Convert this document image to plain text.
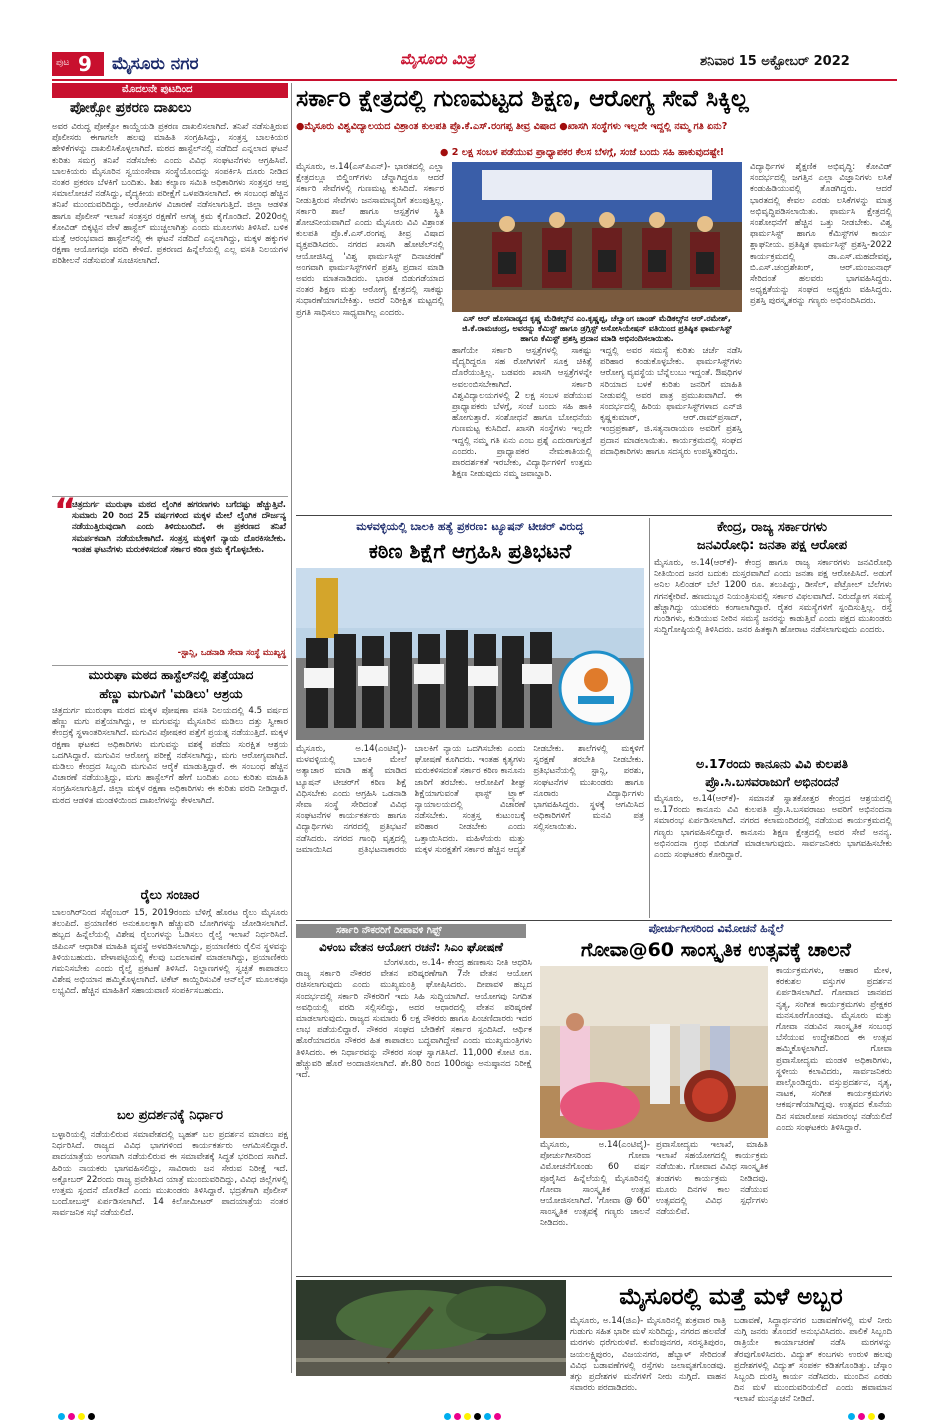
ಪುಟ 9 ಮೈಸೂರು ನಗರ	ಮೈಸೂರು ಮಿತ್ರ	ಶನಿವಾರ 15 ಅಕ್ಟೋಬರ್ 2022
ಮೊದಲನೇ ಪುಟದಿಂದ
ಪೋಕ್ಸೋ ಪ್ರಕರಣ ದಾಖಲು
ಅವರ ವಿರುದ್ಧ ಪೋಕ್ಸೋ ಕಾಯ್ದೆಯಡಿ ಪ್ರಕರಣ ದಾಖಲಿಸಲಾಗಿದೆ. ತನಿಖೆ ನಡೆಸುತ್ತಿರುವ ಪೊಲೀಸರು ಈಗಾಗಲೇ ಹಲವು ಮಾಹಿತಿ ಸಂಗ್ರಹಿಸಿದ್ದು, ಸಂತ್ರಸ್ತ ಬಾಲಕಿಯರ ಹೇಳಿಕೆಗಳನ್ನು ದಾಖಲಿಸಿಕೊಳ್ಳಲಾಗಿದೆ. ಮಠದ ಹಾಸ್ಟೆಲ್‌ನಲ್ಲಿ ನಡೆದಿದೆ ಎನ್ನಲಾದ ಘಟನೆ ಕುರಿತು ಸಮಗ್ರ ತನಿಖೆ ನಡೆಸಬೇಕು ಎಂದು ವಿವಿಧ ಸಂಘಟನೆಗಳು ಆಗ್ರಹಿಸಿವೆ. ಬಾಲಕಿಯರು ಮೈಸೂರಿನ ಸ್ವಯಂಸೇವಾ ಸಂಸ್ಥೆಯೊಂದನ್ನು ಸಂಪರ್ಕಿಸಿ ದೂರು ನೀಡಿದ ನಂತರ ಪ್ರಕರಣ ಬೆಳಕಿಗೆ ಬಂದಿತು. ಶಿಶು ಕಲ್ಯಾಣ ಸಮಿತಿ ಅಧಿಕಾರಿಗಳು ಸಂತ್ರಸ್ತರ ಆಪ್ತ ಸಮಾಲೋಚನೆ ನಡೆಸಿದ್ದು, ವೈದ್ಯಕೀಯ ಪರೀಕ್ಷೆಗೆ ಒಳಪಡಿಸಲಾಗಿದೆ. ಈ ಸಂಬಂಧ ಹೆಚ್ಚಿನ ತನಿಖೆ ಮುಂದುವರಿದಿದ್ದು, ಆರೋಪಿಗಳ ವಿಚಾರಣೆ ನಡೆಸಲಾಗುತ್ತಿದೆ. ಜಿಲ್ಲಾ ಆಡಳಿತ ಹಾಗೂ ಪೊಲೀಸ್ ಇಲಾಖೆ ಸಂತ್ರಸ್ತರ ರಕ್ಷಣೆಗೆ ಅಗತ್ಯ ಕ್ರಮ ಕೈಗೊಂಡಿದೆ. 2020ರಲ್ಲಿ ಕೋವಿಡ್ ಬಿಕ್ಕಟ್ಟಿನ ವೇಳೆ ಹಾಸ್ಟೆಲ್ ಮುಚ್ಚಲಾಗಿತ್ತು ಎಂದು ಮೂಲಗಳು ತಿಳಿಸಿವೆ. ಬಳಿಕ ಮತ್ತೆ ಆರಂಭವಾದ ಹಾಸ್ಟೆಲ್‌ನಲ್ಲಿ ಈ ಘಟನೆ ನಡೆದಿದೆ ಎನ್ನಲಾಗಿದ್ದು, ಮಕ್ಕಳ ಹಕ್ಕುಗಳ ರಕ್ಷಣಾ ಆಯೋಗವೂ ವರದಿ ಕೇಳಿದೆ. ಪ್ರಕರಣದ ಹಿನ್ನೆಲೆಯಲ್ಲಿ ಎಲ್ಲ ವಸತಿ ನಿಲಯಗಳ ಪರಿಶೀಲನೆ ನಡೆಸುವಂತೆ ಸೂಚಿಸಲಾಗಿದೆ.
“
ಚಿತ್ರದುರ್ಗ ಮುರುಘಾ ಮಠದ ಲೈಂಗಿಕ ಹಗರಣಗಳು ಬಗೆದಷ್ಟು ಹೆಚ್ಚುತ್ತಿವೆ. ಸುಮಾರು 20 ರಿಂದ 25 ವರ್ಷಗಳಿಂದ ಮಕ್ಕಳ ಮೇಲೆ ಲೈಂಗಿಕ ದೌರ್ಜನ್ಯ ನಡೆಯುತ್ತಿರುವುದಾಗಿ ಎಂದು ತಿಳಿದುಬಂದಿದೆ. ಈ ಪ್ರಕರಣದ ತನಿಖೆ ಸಮರ್ಪಕವಾಗಿ ನಡೆಯಬೇಕಾಗಿದೆ. ಸಂತ್ರಸ್ತ ಮಕ್ಕಳಿಗೆ ನ್ಯಾಯ ದೊರಕಿಸಬೇಕು. ಇಂತಹ ಘಟನೆಗಳು ಮರುಕಳಿಸದಂತೆ ಸರ್ಕಾರ ಕಠಿಣ ಕ್ರಮ ಕೈಗೊಳ್ಳಬೇಕು.
-ಸ್ಟಾನ್ಲಿ, ಒಡನಾಡಿ ಸೇವಾ ಸಂಸ್ಥೆ ಮುಖ್ಯಸ್ಥ
ಮುರುಘಾ ಮಠದ ಹಾಸ್ಟೆಲ್‌ನಲ್ಲಿ ಪತ್ತೆಯಾದ
ಹೆಣ್ಣು ಮಗುವಿಗೆ 'ಮಡಿಲು' ಆಶ್ರಯ
ಚಿತ್ರದುರ್ಗ ಮುರುಘಾ ಮಠದ ಮಕ್ಕಳ ಪೋಷಣಾ ವಸತಿ ನಿಲಯದಲ್ಲಿ 4.5 ವರ್ಷದ ಹೆಣ್ಣು ಮಗು ಪತ್ತೆಯಾಗಿದ್ದು, ಆ ಮಗುವನ್ನು ಮೈಸೂರಿನ ಮಡಿಲು ದತ್ತು ಸ್ವೀಕಾರ ಕೇಂದ್ರಕ್ಕೆ ಸ್ಥಳಾಂತರಿಸಲಾಗಿದೆ. ಮಗುವಿನ ಪೋಷಕರ ಪತ್ತೆಗೆ ಪ್ರಯತ್ನ ನಡೆಯುತ್ತಿದೆ. ಮಕ್ಕಳ ರಕ್ಷಣಾ ಘಟಕದ ಅಧಿಕಾರಿಗಳು ಮಗುವನ್ನು ವಶಕ್ಕೆ ಪಡೆದು ಸುರಕ್ಷಿತ ಆಶ್ರಯ ಒದಗಿಸಿದ್ದಾರೆ. ಮಗುವಿನ ಆರೋಗ್ಯ ಪರೀಕ್ಷೆ ನಡೆಸಲಾಗಿದ್ದು, ಮಗು ಆರೋಗ್ಯವಾಗಿದೆ. ಮಡಿಲು ಕೇಂದ್ರದ ಸಿಬ್ಬಂದಿ ಮಗುವಿನ ಆರೈಕೆ ಮಾಡುತ್ತಿದ್ದಾರೆ. ಈ ಸಂಬಂಧ ಹೆಚ್ಚಿನ ವಿಚಾರಣೆ ನಡೆಯುತ್ತಿದ್ದು, ಮಗು ಹಾಸ್ಟೆಲ್‌ಗೆ ಹೇಗೆ ಬಂದಿತು ಎಂಬ ಕುರಿತು ಮಾಹಿತಿ ಸಂಗ್ರಹಿಸಲಾಗುತ್ತಿದೆ. ಜಿಲ್ಲಾ ಮಕ್ಕಳ ರಕ್ಷಣಾ ಅಧಿಕಾರಿಗಳು ಈ ಕುರಿತು ವರದಿ ನೀಡಿದ್ದಾರೆ. ಮಠದ ಆಡಳಿತ ಮಂಡಳಿಯಿಂದ ದಾಖಲೆಗಳನ್ನು ಕೇಳಲಾಗಿದೆ.
ರೈಲು ಸಂಚಾರ
ಬಾಲಂಗಿರ್‌ನಿಂದ ಸೆಪ್ಟೆಂಬರ್ 15, 2019ರಂದು ಬೆಳಿಗ್ಗೆ ಹೊರಟ ರೈಲು ಮೈಸೂರು ತಲುಪಿದೆ. ಪ್ರಯಾಣಿಕರ ಅನುಕೂಲಕ್ಕಾಗಿ ಹೆಚ್ಚುವರಿ ಬೋಗಿಗಳನ್ನು ಜೋಡಿಸಲಾಗಿದೆ. ಹಬ್ಬದ ಹಿನ್ನೆಲೆಯಲ್ಲಿ ವಿಶೇಷ ರೈಲುಗಳನ್ನು ಓಡಿಸಲು ರೈಲ್ವೆ ಇಲಾಖೆ ನಿರ್ಧರಿಸಿದೆ. ಜಿಪಿಎಸ್ ಆಧಾರಿತ ಮಾಹಿತಿ ವ್ಯವಸ್ಥೆ ಅಳವಡಿಸಲಾಗಿದ್ದು, ಪ್ರಯಾಣಿಕರು ರೈಲಿನ ಸ್ಥಳವನ್ನು ತಿಳಿಯಬಹುದು. ವೇಳಾಪಟ್ಟಿಯಲ್ಲಿ ಕೆಲವು ಬದಲಾವಣೆ ಮಾಡಲಾಗಿದ್ದು, ಪ್ರಯಾಣಿಕರು ಗಮನಿಸಬೇಕು ಎಂದು ರೈಲ್ವೆ ಪ್ರಕಟಣೆ ತಿಳಿಸಿದೆ. ನಿಲ್ದಾಣಗಳಲ್ಲಿ ಸ್ವಚ್ಛತೆ ಕಾಪಾಡಲು ವಿಶೇಷ ಅಭಿಯಾನ ಹಮ್ಮಿಕೊಳ್ಳಲಾಗಿದೆ. ಟಿಕೆಟ್ ಕಾಯ್ದಿರಿಸುವಿಕೆ ಆನ್‌ಲೈನ್ ಮೂಲಕವೂ ಲಭ್ಯವಿದೆ. ಹೆಚ್ಚಿನ ಮಾಹಿತಿಗೆ ಸಹಾಯವಾಣಿ ಸಂಪರ್ಕಿಸಬಹುದು.
ಬಲ ಪ್ರದರ್ಶನಕ್ಕೆ ನಿರ್ಧಾರ
ಬಳ್ಳಾರಿಯಲ್ಲಿ ನಡೆಯಲಿರುವ ಸಮಾವೇಶದಲ್ಲಿ ಬೃಹತ್ ಬಲ ಪ್ರದರ್ಶನ ಮಾಡಲು ಪಕ್ಷ ನಿರ್ಧರಿಸಿದೆ. ರಾಜ್ಯದ ವಿವಿಧ ಭಾಗಗಳಿಂದ ಕಾರ್ಯಕರ್ತರು ಆಗಮಿಸಲಿದ್ದಾರೆ. ಪಾದಯಾತ್ರೆಯ ಅಂಗವಾಗಿ ನಡೆಯಲಿರುವ ಈ ಸಮಾವೇಶಕ್ಕೆ ಸಿದ್ಧತೆ ಭರದಿಂದ ಸಾಗಿದೆ. ಹಿರಿಯ ನಾಯಕರು ಭಾಗವಹಿಸಲಿದ್ದು, ಸಾವಿರಾರು ಜನ ಸೇರುವ ನಿರೀಕ್ಷೆ ಇದೆ. ಅಕ್ಟೋಬರ್ 22ರಂದು ರಾಜ್ಯ ಪ್ರವೇಶಿಸಿದ ಯಾತ್ರೆ ಮುಂದುವರಿದಿದ್ದು, ವಿವಿಧ ಜಿಲ್ಲೆಗಳಲ್ಲಿ ಉತ್ತಮ ಸ್ಪಂದನೆ ದೊರೆತಿದೆ ಎಂದು ಮುಖಂಡರು ತಿಳಿಸಿದ್ದಾರೆ. ಭದ್ರತೆಗಾಗಿ ಪೊಲೀಸ್ ಬಂದೋಬಸ್ತ್ ಏರ್ಪಡಿಸಲಾಗಿದೆ. 14 ಕಿಲೋಮೀಟರ್ ಪಾದಯಾತ್ರೆಯ ನಂತರ ಸಾರ್ವಜನಿಕ ಸಭೆ ನಡೆಯಲಿದೆ.
ಸರ್ಕಾರಿ ಕ್ಷೇತ್ರದಲ್ಲಿ ಗುಣಮಟ್ಟದ ಶಿಕ್ಷಣ, ಆರೋಗ್ಯ ಸೇವೆ ಸಿಕ್ಕಿಲ್ಲ
●ಮೈಸೂರು ವಿಶ್ವವಿದ್ಯಾಲಯದ ವಿಶ್ರಾಂತ ಕುಲಪತಿ ಪ್ರೊ.ಕೆ.ಎಸ್.ರಂಗಪ್ಪ ತೀವ್ರ ವಿಷಾದ ●ಖಾಸಗಿ ಸಂಸ್ಥೆಗಳು ಇಲ್ಲದೇ ಇದ್ದಲ್ಲಿ ನಮ್ಮ ಗತಿ ಏನು?
● 2 ಲಕ್ಷ ಸಂಬಳ ಪಡೆಯುವ ಪ್ರಾಧ್ಯಾಪಕರ ಕೆಲಸ ಬೆಳಗ್ಗೆ, ಸಂಜೆ ಬಂದು ಸಹಿ ಹಾಕುವುದಷ್ಟೇ!
ಮೈಸೂರು, ಅ.14(ಎಸ್‌ಪಿಎನ್)- ಭಾರತದಲ್ಲಿ ಎಲ್ಲಾ ಕ್ಷೇತ್ರದಲ್ಲೂ ಬಿಲ್ಡಿಂಗ್‌ಗಳು ಚೆನ್ನಾಗಿದ್ದರೂ ಆದರೆ ಸರ್ಕಾರಿ ಸೇವೆಗಳಲ್ಲಿ ಗುಣಮಟ್ಟ ಕುಸಿದಿದೆ. ಸರ್ಕಾರ ನೀಡುತ್ತಿರುವ ಸೇವೆಗಳು ಜನಸಾಮಾನ್ಯರಿಗೆ ತಲುಪುತ್ತಿಲ್ಲ. ಸರ್ಕಾರಿ ಶಾಲೆ ಹಾಗೂ ಆಸ್ಪತ್ರೆಗಳ ಸ್ಥಿತಿ ಶೋಚನೀಯವಾಗಿದೆ ಎಂದು ಮೈಸೂರು ವಿವಿ ವಿಶ್ರಾಂತ ಕುಲಪತಿ ಪ್ರೊ.ಕೆ.ಎಸ್.ರಂಗಪ್ಪ ತೀವ್ರ ವಿಷಾದ ವ್ಯಕ್ತಪಡಿಸಿದರು. ನಗರದ ಖಾಸಗಿ ಹೋಟೆಲ್‌ನಲ್ಲಿ ಆಯೋಜಿಸಿದ್ದ 'ವಿಶ್ವ ಫಾರ್ಮಸಿಸ್ಟ್ ದಿನಾಚರಣೆ' ಅಂಗವಾಗಿ ಫಾರ್ಮಸಿಸ್ಟ್‌ಗಳಿಗೆ ಪ್ರಶಸ್ತಿ ಪ್ರದಾನ ಮಾಡಿ ಅವರು ಮಾತನಾಡಿದರು. ಭಾರತ ಬಿಡುಗಡೆಯಾದ ನಂತರ ಶಿಕ್ಷಣ ಮತ್ತು ಆರೋಗ್ಯ ಕ್ಷೇತ್ರದಲ್ಲಿ ಸಾಕಷ್ಟು ಸುಧಾರಣೆಯಾಗಬೇಕಿತ್ತು. ಆದರೆ ನಿರೀಕ್ಷಿತ ಮಟ್ಟದಲ್ಲಿ ಪ್ರಗತಿ ಸಾಧಿಸಲು ಸಾಧ್ಯವಾಗಿಲ್ಲ ಎಂದರು.
ಎಸ್ ಆರ್ ಹೊಸವಾಡ್ಯದ ಕೃಷ್ಣ ಮೆಡಿಕಲ್ಸ್‌ನ ಎಂ.ಕೃಷ್ಣಪ್ಪ, ಚೆಲ್ವಾಂಗ ಚಾಂಡ್ ಮೆಡಿಕಲ್ಸ್‌ನ ಆರ್.ರಮೇಶ್, ಜಿ.ಕೆ.ರಾಮಚಂದ್ರ, ಅವರನ್ನು ಕೆಮಿಸ್ಟ್ ಹಾಗೂ ಡ್ರಗ್ಗಿಸ್ಟ್ ಅಸೋಸಿಯೇಷನ್ ವತಿಯಿಂದ ಪ್ರತಿಷ್ಠಿತ ಫಾರ್ಮಸಿಸ್ಟ್ ಹಾಗೂ ಕೆಮಿಸ್ಟ್ ಪ್ರಶಸ್ತಿ ಪ್ರದಾನ ಮಾಡಿ ಅಭಿನಂದಿಸಲಾಯಿತು.
ಹಾಗೆಯೇ ಸರ್ಕಾರಿ ಆಸ್ಪತ್ರೆಗಳಲ್ಲಿ ಸಾಕಷ್ಟು ವೈದ್ಯರಿದ್ದರೂ ಸಹ ರೋಗಿಗಳಿಗೆ ಸೂಕ್ತ ಚಿಕಿತ್ಸೆ ದೊರೆಯುತ್ತಿಲ್ಲ. ಬಡವರು ಖಾಸಗಿ ಆಸ್ಪತ್ರೆಗಳನ್ನೇ ಅವಲಂಬಿಸಬೇಕಾಗಿದೆ. ಸರ್ಕಾರಿ ವಿಶ್ವವಿದ್ಯಾಲಯಗಳಲ್ಲಿ 2 ಲಕ್ಷ ಸಂಬಳ ಪಡೆಯುವ ಪ್ರಾಧ್ಯಾಪಕರು ಬೆಳಗ್ಗೆ, ಸಂಜೆ ಬಂದು ಸಹಿ ಹಾಕಿ ಹೋಗುತ್ತಾರೆ. ಸಂಶೋಧನೆ ಹಾಗೂ ಬೋಧನೆಯ ಗುಣಮಟ್ಟ ಕುಸಿದಿದೆ. ಖಾಸಗಿ ಸಂಸ್ಥೆಗಳು ಇಲ್ಲದೇ ಇದ್ದಲ್ಲಿ ನಮ್ಮ ಗತಿ ಏನು ಎಂಬ ಪ್ರಶ್ನೆ ಎದುರಾಗುತ್ತದೆ ಎಂದರು. ಪ್ರಾಧ್ಯಾಪಕರ ನೇಮಕಾತಿಯಲ್ಲಿ ಪಾರದರ್ಶಕತೆ ಇರಬೇಕು, ವಿದ್ಯಾರ್ಥಿಗಳಿಗೆ ಉತ್ತಮ ಶಿಕ್ಷಣ ನೀಡುವುದು ನಮ್ಮ ಜವಾಬ್ದಾರಿ.
ಇದ್ದಲ್ಲಿ ಅವರ ಸಮಸ್ಯೆ ಕುರಿತು ಚರ್ಚೆ ನಡೆಸಿ ಪರಿಹಾರ ಕಂಡುಕೊಳ್ಳಬೇಕು. ಫಾರ್ಮಸಿಸ್ಟ್‌ಗಳು ಆರೋಗ್ಯ ವ್ಯವಸ್ಥೆಯ ಬೆನ್ನೆಲುಬು ಇದ್ದಂತೆ. ಔಷಧಿಗಳ ಸರಿಯಾದ ಬಳಕೆ ಕುರಿತು ಜನರಿಗೆ ಮಾಹಿತಿ ನೀಡುವಲ್ಲಿ ಅವರ ಪಾತ್ರ ಪ್ರಮುಖವಾಗಿದೆ. ಈ ಸಂದರ್ಭದಲ್ಲಿ ಹಿರಿಯ ಫಾರ್ಮಸಿಸ್ಟ್‌ಗಳಾದ ಎನ್‌ಜಿ ಕೃಷ್ಣಕುಮಾರ್, ಆರ್.ರಾಮ್‌ಪ್ರಸಾದ್, ಇಂದ್ರಪ್ರಕಾಶ್, ಜಿ.ಸತ್ಯನಾರಾಯಣ ಅವರಿಗೆ ಪ್ರಶಸ್ತಿ ಪ್ರದಾನ ಮಾಡಲಾಯಿತು. ಕಾರ್ಯಕ್ರಮದಲ್ಲಿ ಸಂಘದ ಪದಾಧಿಕಾರಿಗಳು ಹಾಗೂ ಸದಸ್ಯರು ಉಪಸ್ಥಿತರಿದ್ದರು.
ವಿದ್ಯಾರ್ಥಿಗಳ ಶೈಕ್ಷಣಿಕ ಅಭಿವೃದ್ಧಿ: ಕೋವಿಡ್ ಸಂದರ್ಭದಲ್ಲಿ ಜಗತ್ತಿನ ಎಲ್ಲಾ ವಿಜ್ಞಾನಿಗಳು ಲಸಿಕೆ ಕಂಡುಹಿಡಿಯುವಲ್ಲಿ ತೊಡಗಿದ್ದರು. ಆದರೆ ಭಾರತದಲ್ಲಿ ಕೇವಲ ಎರಡು ಲಸಿಕೆಗಳನ್ನು ಮಾತ್ರ ಅಭಿವೃದ್ಧಿಪಡಿಸಲಾಯಿತು. ಫಾರ್ಮಸಿ ಕ್ಷೇತ್ರದಲ್ಲಿ ಸಂಶೋಧನೆಗೆ ಹೆಚ್ಚಿನ ಒತ್ತು ನೀಡಬೇಕು. ವಿಶ್ವ ಫಾರ್ಮಸಿಸ್ಟ್ ಹಾಗೂ ಕೆಮಿಸ್ಟ್‌ಗಳ ಕಾರ್ಯ ಶ್ಲಾಘನೀಯ. ಪ್ರತಿಷ್ಠಿತ ಫಾರ್ಮಸಿಸ್ಟ್ ಪ್ರಶಸ್ತಿ-2022 ಕಾರ್ಯಕ್ರಮದಲ್ಲಿ ಡಾ.ಎಸ್.ಮಹದೇವಪ್ಪ, ಬಿ.ಎಸ್.ಚಂದ್ರಶೇಖರ್, ಆರ್.ಮಂಜುನಾಥ್ ಸೇರಿದಂತೆ ಹಲವರು ಭಾಗವಹಿಸಿದ್ದರು. ಅಧ್ಯಕ್ಷತೆಯನ್ನು ಸಂಘದ ಅಧ್ಯಕ್ಷರು ವಹಿಸಿದ್ದರು. ಪ್ರಶಸ್ತಿ ಪುರಸ್ಕೃತರನ್ನು ಗಣ್ಯರು ಅಭಿನಂದಿಸಿದರು.
ಮಳವಳ್ಳಿಯಲ್ಲಿ ಬಾಲಕಿ ಹತ್ಯೆ ಪ್ರಕರಣ: ಟ್ಯೂಷನ್ ಟೀಚರ್ ವಿರುದ್ಧ
ಕಠಿಣ ಶಿಕ್ಷೆಗೆ ಆಗ್ರಹಿಸಿ ಪ್ರತಿಭಟನೆ
ಮೈಸೂರು, ಅ.14(ಎಂಟಿವೈ)- ಮಳವಳ್ಳಿಯಲ್ಲಿ ಬಾಲಕಿ ಮೇಲೆ ಅತ್ಯಾಚಾರ ಮಾಡಿ ಹತ್ಯೆ ಮಾಡಿದ ಟ್ಯೂಷನ್ ಟೀಚರ್‌ಗೆ ಕಠಿಣ ಶಿಕ್ಷೆ ವಿಧಿಸಬೇಕು ಎಂದು ಆಗ್ರಹಿಸಿ ಒಡನಾಡಿ ಸೇವಾ ಸಂಸ್ಥೆ ಸೇರಿದಂತೆ ವಿವಿಧ ಸಂಘಟನೆಗಳ ಕಾರ್ಯಕರ್ತರು ಹಾಗೂ ವಿದ್ಯಾರ್ಥಿಗಳು ನಗರದಲ್ಲಿ ಪ್ರತಿಭಟನೆ ನಡೆಸಿದರು. ನಗರದ ಗಾಂಧಿ ವೃತ್ತದಲ್ಲಿ ಜಮಾಯಿಸಿದ ಪ್ರತಿಭಟನಾಕಾರರು ಬಾಲಕಿಗೆ ನ್ಯಾಯ ಒದಗಿಸಬೇಕು ಎಂದು ಘೋಷಣೆ ಕೂಗಿದರು. ಇಂತಹ ಕೃತ್ಯಗಳು ಮರುಕಳಿಸದಂತೆ ಸರ್ಕಾರ ಕಠಿಣ ಕಾನೂನು ಜಾರಿಗೆ ತರಬೇಕು. ಆರೋಪಿಗೆ ಶೀಘ್ರ ಶಿಕ್ಷೆಯಾಗುವಂತೆ ಫಾಸ್ಟ್ ಟ್ರ್ಯಾಕ್ ನ್ಯಾಯಾಲಯದಲ್ಲಿ ವಿಚಾರಣೆ ನಡೆಸಬೇಕು. ಸಂತ್ರಸ್ತ ಕುಟುಂಬಕ್ಕೆ ಪರಿಹಾರ ನೀಡಬೇಕು ಎಂದು ಒತ್ತಾಯಿಸಿದರು. ಮಹಿಳೆಯರು ಮತ್ತು ಮಕ್ಕಳ ಸುರಕ್ಷತೆಗೆ ಸರ್ಕಾರ ಹೆಚ್ಚಿನ ಆದ್ಯತೆ ನೀಡಬೇಕು. ಶಾಲೆಗಳಲ್ಲಿ ಮಕ್ಕಳಿಗೆ ಸ್ವರಕ್ಷಣೆ ತರಬೇತಿ ನೀಡಬೇಕು. ಪ್ರತಿಭಟನೆಯಲ್ಲಿ ಸ್ಟಾನ್ಲಿ, ಪರಶು, ಸಂಘಟನೆಗಳ ಮುಖಂಡರು ಹಾಗೂ ನೂರಾರು ವಿದ್ಯಾರ್ಥಿಗಳು ಭಾಗವಹಿಸಿದ್ದರು. ಸ್ಥಳಕ್ಕೆ ಆಗಮಿಸಿದ ಅಧಿಕಾರಿಗಳಿಗೆ ಮನವಿ ಪತ್ರ ಸಲ್ಲಿಸಲಾಯಿತು.
ಕೇಂದ್ರ, ರಾಜ್ಯ ಸರ್ಕಾರಗಳು
ಜನವಿರೋಧಿ: ಜನತಾ ಪಕ್ಷ ಆರೋಪ
ಮೈಸೂರು, ಅ.14(ಆರ್‌ಕೆ)- ಕೇಂದ್ರ ಹಾಗೂ ರಾಜ್ಯ ಸರ್ಕಾರಗಳು ಜನವಿರೋಧಿ ನೀತಿಯಿಂದ ಜನರ ಬದುಕು ದುಸ್ತರವಾಗಿದೆ ಎಂದು ಜನತಾ ಪಕ್ಷ ಆರೋಪಿಸಿದೆ. ಅಡುಗೆ ಅನಿಲ ಸಿಲಿಂಡರ್ ಬೆಲೆ 1200 ರೂ. ತಲುಪಿದ್ದು, ಡೀಸೆಲ್, ಪೆಟ್ರೋಲ್ ಬೆಲೆಗಳು ಗಗನಕ್ಕೇರಿವೆ. ಹಣದುಬ್ಬರ ನಿಯಂತ್ರಿಸುವಲ್ಲಿ ಸರ್ಕಾರ ವಿಫಲವಾಗಿದೆ. ನಿರುದ್ಯೋಗ ಸಮಸ್ಯೆ ಹೆಚ್ಚಾಗಿದ್ದು ಯುವಕರು ಕಂಗಾಲಾಗಿದ್ದಾರೆ. ರೈತರ ಸಮಸ್ಯೆಗಳಿಗೆ ಸ್ಪಂದಿಸುತ್ತಿಲ್ಲ. ರಸ್ತೆ ಗುಂಡಿಗಳು, ಕುಡಿಯುವ ನೀರಿನ ಸಮಸ್ಯೆ ಜನರನ್ನು ಕಾಡುತ್ತಿವೆ ಎಂದು ಪಕ್ಷದ ಮುಖಂಡರು ಸುದ್ದಿಗೋಷ್ಠಿಯಲ್ಲಿ ತಿಳಿಸಿದರು. ಜನರ ಹಿತಕ್ಕಾಗಿ ಹೋರಾಟ ನಡೆಸಲಾಗುವುದು ಎಂದರು.
ಅ.17ರಂದು ಕಾನೂನು ವಿವಿ ಕುಲಪತಿ
ಪ್ರೊ.ಸಿ.ಬಸವರಾಜುಗೆ ಅಭಿನಂದನೆ
ಮೈಸೂರು, ಅ.14(ಆರ್‌ಕೆ)- ಸಮಾನತೆ ಸ್ನಾತಕೋತ್ತರ ಕೇಂದ್ರದ ಆಶ್ರಯದಲ್ಲಿ ಅ.17ರಂದು ಕಾನೂನು ವಿವಿ ಕುಲಪತಿ ಪ್ರೊ.ಸಿ.ಬಸವರಾಜು ಅವರಿಗೆ ಅಭಿನಂದನಾ ಸಮಾರಂಭ ಏರ್ಪಡಿಸಲಾಗಿದೆ. ನಗರದ ಕಲಾಮಂದಿರದಲ್ಲಿ ನಡೆಯುವ ಕಾರ್ಯಕ್ರಮದಲ್ಲಿ ಗಣ್ಯರು ಭಾಗವಹಿಸಲಿದ್ದಾರೆ. ಕಾನೂನು ಶಿಕ್ಷಣ ಕ್ಷೇತ್ರದಲ್ಲಿ ಅವರ ಸೇವೆ ಅನನ್ಯ. ಅಭಿನಂದನಾ ಗ್ರಂಥ ಬಿಡುಗಡೆ ಮಾಡಲಾಗುವುದು. ಸಾರ್ವಜನಿಕರು ಭಾಗವಹಿಸಬೇಕು ಎಂದು ಸಂಘಟಕರು ಕೋರಿದ್ದಾರೆ.
ಸರ್ಕಾರಿ ನೌಕರರಿಗೆ ದೀಪಾವಳಿ ಗಿಫ್ಟ್
ವಿಳಂಬ ವೇತನ ಆಯೋಗ ರಚನೆ: ಸಿಎಂ ಘೋಷಣೆ
ಬೆಂಗಳೂರು, ಅ.14- ಕೇಂದ್ರ ಹಣಕಾಸು ನೀತಿ ಆಧರಿಸಿ ರಾಜ್ಯ ಸರ್ಕಾರಿ ನೌಕರರ ವೇತನ ಪರಿಷ್ಕರಣೆಗಾಗಿ 7ನೇ ವೇತನ ಆಯೋಗ ರಚಿಸಲಾಗುವುದು ಎಂದು ಮುಖ್ಯಮಂತ್ರಿ ಘೋಷಿಸಿದರು. ದೀಪಾವಳಿ ಹಬ್ಬದ ಸಂದರ್ಭದಲ್ಲಿ ಸರ್ಕಾರಿ ನೌಕರರಿಗೆ ಇದು ಸಿಹಿ ಸುದ್ದಿಯಾಗಿದೆ. ಆಯೋಗವು ನಿಗದಿತ ಅವಧಿಯಲ್ಲಿ ವರದಿ ಸಲ್ಲಿಸಲಿದ್ದು, ಅದರ ಆಧಾರದಲ್ಲಿ ವೇತನ ಪರಿಷ್ಕರಣೆ ಮಾಡಲಾಗುವುದು. ರಾಜ್ಯದ ಸುಮಾರು 6 ಲಕ್ಷ ನೌಕರರು ಹಾಗೂ ಪಿಂಚಣಿದಾರರು ಇದರ ಲಾಭ ಪಡೆಯಲಿದ್ದಾರೆ. ನೌಕರರ ಸಂಘದ ಬೇಡಿಕೆಗೆ ಸರ್ಕಾರ ಸ್ಪಂದಿಸಿದೆ. ಆರ್ಥಿಕ ಹೊರೆಯಾದರೂ ನೌಕರರ ಹಿತ ಕಾಪಾಡಲು ಬದ್ಧವಾಗಿದ್ದೇವೆ ಎಂದು ಮುಖ್ಯಮಂತ್ರಿಗಳು ತಿಳಿಸಿದರು. ಈ ನಿರ್ಧಾರವನ್ನು ನೌಕರರ ಸಂಘ ಸ್ವಾಗತಿಸಿದೆ. 11,000 ಕೋಟಿ ರೂ. ಹೆಚ್ಚುವರಿ ಹೊರೆ ಅಂದಾಜಿಸಲಾಗಿದೆ. ಶೇ.80 ರಿಂದ 100ರಷ್ಟು ಅನುಷ್ಠಾನದ ನಿರೀಕ್ಷೆ ಇದೆ.
ಪೋರ್ಚುಗೀಸರಿಂದ ವಿಮೋಚನೆ ಹಿನ್ನೆಲೆ
ಗೋವಾ@60 ಸಾಂಸ್ಕೃತಿಕ ಉತ್ಸವಕ್ಕೆ ಚಾಲನೆ
ಮೈಸೂರು, ಅ.14(ಎಂಟಿವೈ)- ಪೋರ್ಚುಗೀಸರಿಂದ ಗೋವಾ ವಿಮೋಚನೆಗೊಂಡು 60 ವರ್ಷ ಪೂರೈಸಿದ ಹಿನ್ನೆಲೆಯಲ್ಲಿ ಮೈಸೂರಿನಲ್ಲಿ ಗೋವಾ ಸಾಂಸ್ಕೃತಿಕ ಉತ್ಸವ ಆಯೋಜಿಸಲಾಗಿದೆ. 'ಗೋವಾ @ 60' ಸಾಂಸ್ಕೃತಿಕ ಉತ್ಸವಕ್ಕೆ ಗಣ್ಯರು ಚಾಲನೆ ನೀಡಿದರು.
ಪ್ರವಾಸೋದ್ಯಮ ಇಲಾಖೆ, ಮಾಹಿತಿ ಇಲಾಖೆ ಸಹಯೋಗದಲ್ಲಿ ಕಾರ್ಯಕ್ರಮ ನಡೆಯಿತು. ಗೋವಾದ ವಿವಿಧ ಸಾಂಸ್ಕೃತಿಕ ತಂಡಗಳು ಕಾರ್ಯಕ್ರಮ ನೀಡಿದವು. ಮೂರು ದಿನಗಳ ಕಾಲ ನಡೆಯುವ ಉತ್ಸವದಲ್ಲಿ ವಿವಿಧ ಸ್ಪರ್ಧೆಗಳು ನಡೆಯಲಿವೆ.
ಕಾರ್ಯಕ್ರಮಗಳು, ಆಹಾರ ಮೇಳ, ಕರಕುಶಲ ವಸ್ತುಗಳ ಪ್ರದರ್ಶನ ಏರ್ಪಡಿಸಲಾಗಿದೆ. ಗೋವಾದ ಜಾನಪದ ನೃತ್ಯ, ಸಂಗೀತ ಕಾರ್ಯಕ್ರಮಗಳು ಪ್ರೇಕ್ಷಕರ ಮನಸೂರೆಗೊಂಡವು. ಮೈಸೂರು ಮತ್ತು ಗೋವಾ ನಡುವಿನ ಸಾಂಸ್ಕೃತಿಕ ಸಂಬಂಧ ಬೆಸೆಯುವ ಉದ್ದೇಶದಿಂದ ಈ ಉತ್ಸವ ಹಮ್ಮಿಕೊಳ್ಳಲಾಗಿದೆ. ಗೋವಾ ಪ್ರವಾಸೋದ್ಯಮ ಮಂಡಳಿ ಅಧಿಕಾರಿಗಳು, ಸ್ಥಳೀಯ ಕಲಾವಿದರು, ಸಾರ್ವಜನಿಕರು ಪಾಲ್ಗೊಂಡಿದ್ದರು. ವಸ್ತುಪ್ರದರ್ಶನ, ನೃತ್ಯ, ನಾಟಕ, ಸಂಗೀತ ಕಾರ್ಯಕ್ರಮಗಳು ಆಕರ್ಷಣೆಯಾಗಿದ್ದವು. ಉತ್ಸವದ ಕೊನೆಯ ದಿನ ಸಮಾರೋಪ ಸಮಾರಂಭ ನಡೆಯಲಿದೆ ಎಂದು ಸಂಘಟಕರು ತಿಳಿಸಿದ್ದಾರೆ.
ಮೈಸೂರಲ್ಲಿ ಮತ್ತೆ ಮಳೆ ಅಬ್ಬರ
ಮೈಸೂರು, ಅ.14(ಜಿಎ)- ಮೈಸೂರಿನಲ್ಲಿ ಶುಕ್ರವಾರ ರಾತ್ರಿ ಗುಡುಗು ಸಹಿತ ಭಾರೀ ಮಳೆ ಸುರಿದಿದ್ದು, ನಗರದ ಹಲವೆಡೆ ಮರಗಳು ಧರೆಗುರುಳಿವೆ. ಕುವೆಂಪುನಗರ, ಸರಸ್ವತಿಪುರಂ, ಜಯಲಕ್ಷ್ಮಿಪುರಂ, ವಿಜಯನಗರ, ಹೆಬ್ಬಾಳ್ ಸೇರಿದಂತೆ ವಿವಿಧ ಬಡಾವಣೆಗಳಲ್ಲಿ ರಸ್ತೆಗಳು ಜಲಾವೃತಗೊಂಡವು. ತಗ್ಗು ಪ್ರದೇಶಗಳ ಮನೆಗಳಿಗೆ ನೀರು ನುಗ್ಗಿದೆ. ವಾಹನ ಸವಾರರು ಪರದಾಡಿದರು.
ಬಡಾವಣೆ, ಸಿದ್ಧಾರ್ಥನಗರ ಬಡಾವಣೆಗಳಲ್ಲಿ ಮಳೆ ನೀರು ನುಗ್ಗಿ ಜನರು ತೊಂದರೆ ಅನುಭವಿಸಿದರು. ಪಾಲಿಕೆ ಸಿಬ್ಬಂದಿ ರಾತ್ರಿಯೇ ಕಾರ್ಯಾಚರಣೆ ನಡೆಸಿ ಮರಗಳನ್ನು ತೆರವುಗೊಳಿಸಿದರು. ವಿದ್ಯುತ್ ಕಂಬಗಳು ಉರುಳಿ ಹಲವು ಪ್ರದೇಶಗಳಲ್ಲಿ ವಿದ್ಯುತ್ ಸಂಪರ್ಕ ಕಡಿತಗೊಂಡಿತ್ತು. ಚೆಸ್ಕಾಂ ಸಿಬ್ಬಂದಿ ದುರಸ್ತಿ ಕಾರ್ಯ ನಡೆಸಿದರು. ಮುಂದಿನ ಎರಡು ದಿನ ಮಳೆ ಮುಂದುವರಿಯಲಿದೆ ಎಂದು ಹವಾಮಾನ ಇಲಾಖೆ ಮುನ್ಸೂಚನೆ ನೀಡಿದೆ.
